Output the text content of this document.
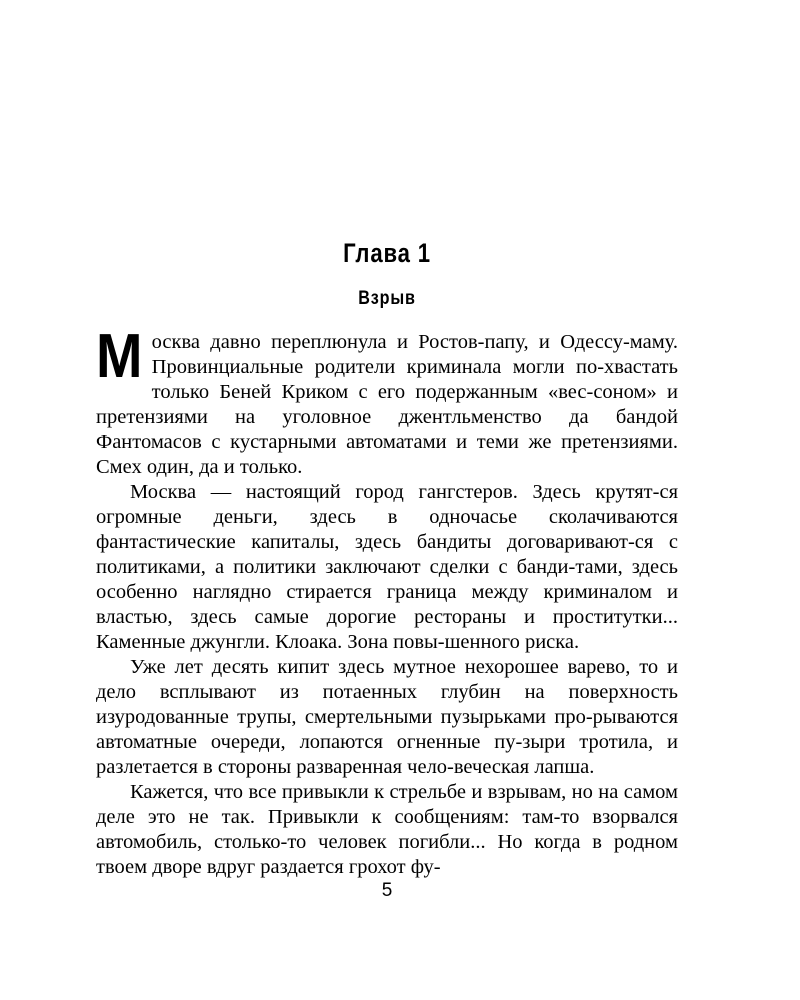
Глава 1
Взрыв

Москва давно переплюнула и Ростов-папу, и Одессу-маму. Провинциальные родители криминала могли по-хвастать только Беней Криком с его подержанным «вес-соном» и претензиями на уголовное джентльменство да бандой Фантомасов с кустарными автоматами и теми же претензиями. Смех один, да и только.

Москва — настоящий город гангстеров. Здесь крутят-ся огромные деньги, здесь в одночасье сколачиваются фантастические капиталы, здесь бандиты договаривают-ся с политиками, а политики заключают сделки с банди-тами, здесь особенно наглядно стирается граница между криминалом и властью, здесь самые дорогие рестораны и проститутки... Каменные джунгли. Клоака. Зона повы-шенного риска.

Уже лет десять кипит здесь мутное нехорошее варево, то и дело всплывают из потаенных глубин на поверхность изуродованные трупы, смертельными пузырьками про-рываются автоматные очереди, лопаются огненные пу-зыри тротила, и разлетается в стороны разваренная чело-веческая лапша.

Кажется, что все привыкли к стрельбе и взрывам, но на самом деле это не так. Привыкли к сообщениям: там-то взорвался автомобиль, столько-то человек погибли... Но когда в родном твоем дворе вдруг раздается грохот фу-

5
